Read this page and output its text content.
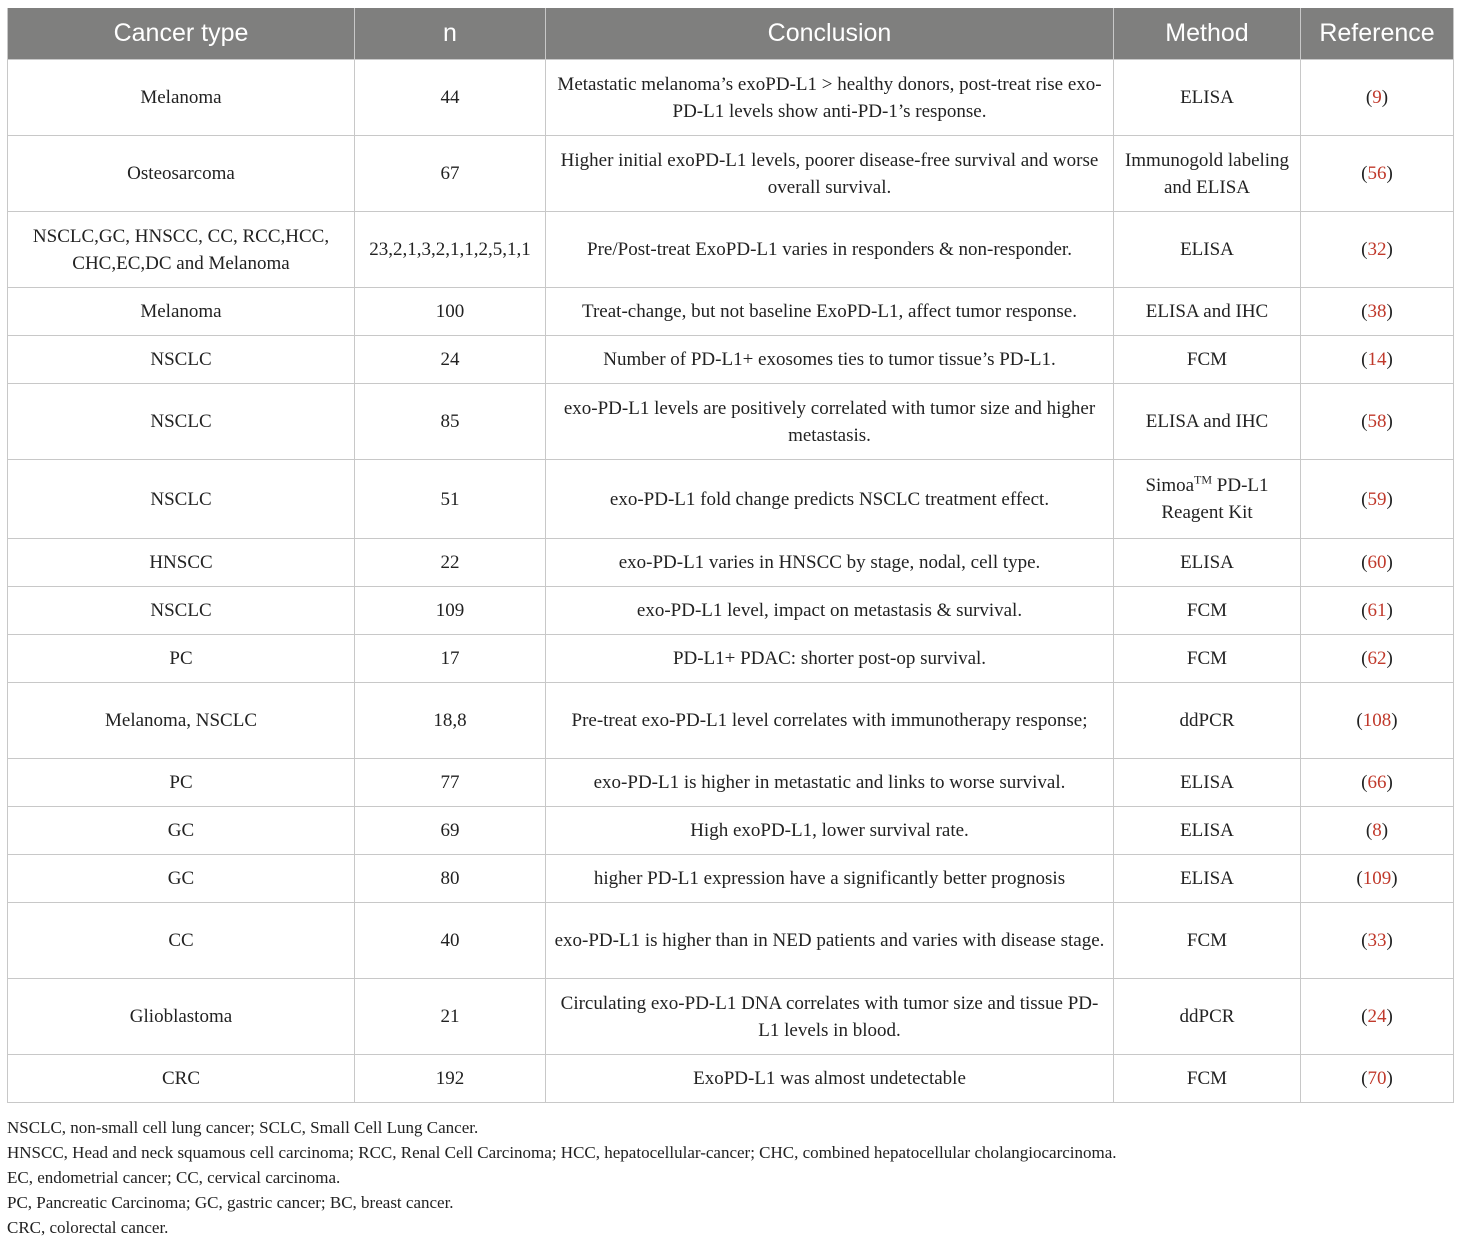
Cancer type	n	Conclusion	Method	Reference
Melanoma	44	Metastatic melanoma’s exoPD-L1 > healthy donors, post-treat rise exo-PD-L1 levels show anti-PD-1’s response.	ELISA	(9)
Osteosarcoma	67	Higher initial exoPD-L1 levels, poorer disease-free survival and worse overall survival.	Immunogold labeling and ELISA	(56)
NSCLC,GC, HNSCC, CC, RCC,HCC, CHC,EC,DC and Melanoma	23,2,1,3,2,1,1,2,5,1,1	Pre/Post-treat ExoPD-L1 varies in responders & non-responder.	ELISA	(32)
Melanoma	100	Treat-change, but not baseline ExoPD-L1, affect tumor response.	ELISA and IHC	(38)
NSCLC	24	Number of PD-L1+ exosomes ties to tumor tissue’s PD-L1.	FCM	(14)
NSCLC	85	exo-PD-L1 levels are positively correlated with tumor size and higher metastasis.	ELISA and IHC	(58)
NSCLC	51	exo-PD-L1 fold change predicts NSCLC treatment effect.	Simoa™ PD-L1 Reagent Kit	(59)
HNSCC	22	exo-PD-L1 varies in HNSCC by stage, nodal, cell type.	ELISA	(60)
NSCLC	109	exo-PD-L1 level, impact on metastasis & survival.	FCM	(61)
PC	17	PD-L1+ PDAC: shorter post-op survival.	FCM	(62)
Melanoma, NSCLC	18,8	Pre-treat exo-PD-L1 level correlates with immunotherapy response;	ddPCR	(108)
PC	77	exo-PD-L1 is higher in metastatic and links to worse survival.	ELISA	(66)
GC	69	High exoPD-L1, lower survival rate.	ELISA	(8)
GC	80	higher PD-L1 expression have a significantly better prognosis	ELISA	(109)
CC	40	exo-PD-L1 is higher than in NED patients and varies with disease stage.	FCM	(33)
Glioblastoma	21	Circulating exo-PD-L1 DNA correlates with tumor size and tissue PD-L1 levels in blood.	ddPCR	(24)
CRC	192	ExoPD-L1 was almost undetectable	FCM	(70)
NSCLC, non-small cell lung cancer; SCLC, Small Cell Lung Cancer.
HNSCC, Head and neck squamous cell carcinoma; RCC, Renal Cell Carcinoma; HCC, hepatocellular-cancer; CHC, combined hepatocellular cholangiocarcinoma.
EC, endometrial cancer; CC, cervical carcinoma.
PC, Pancreatic Carcinoma; GC, gastric cancer; BC, breast cancer.
CRC, colorectal cancer.
